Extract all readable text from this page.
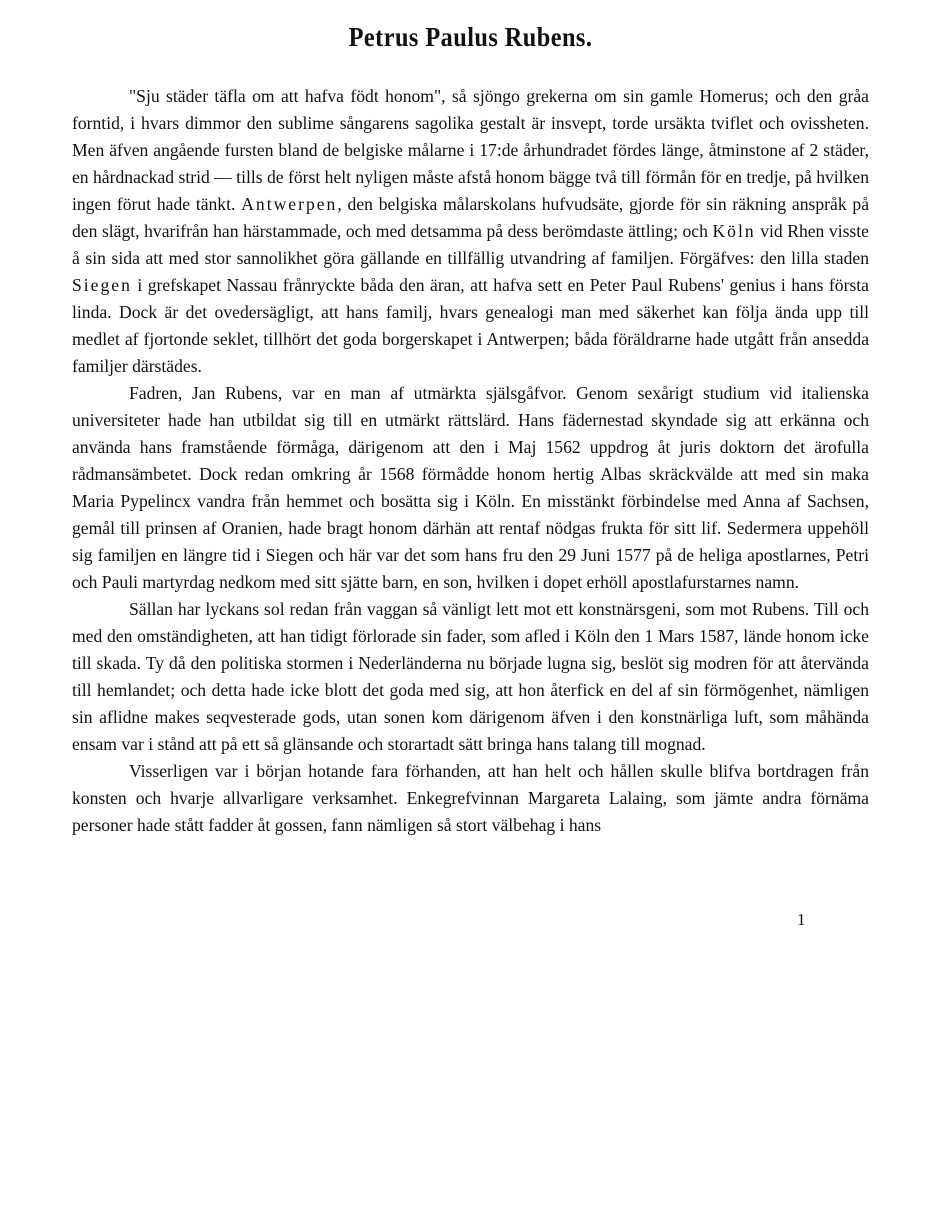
Petrus Paulus Rubens.

"Sju städer täfla om att hafva födt honom", så sjöngo grekerna om sin gamle Homerus; och den gråa forntid, i hvars dimmor den sublime sångarens sagolika gestalt är insvept, torde ursäkta tviflet och ovissheten. Men äfven angående fursten bland de belgiske målarne i 17:de århundradet fördes länge, åtminstone af 2 städer, en hårdnackad strid — tills de först helt nyligen måste afstå honom bägge två till förmån för en tredje, på hvilken ingen förut hade tänkt. Antwerpen, den belgiska målarskolans hufvudsäte, gjorde för sin räkning anspråk på den slägt, hvarifrån han härstammade, och med detsamma på dess berömdaste ättling; och Köln vid Rhen visste å sin sida att med stor sannolikhet göra gällande en tillfällig utvandring af familjen. Förgäfves: den lilla staden Siegen i grefskapet Nassau frånryckte båda den äran, att hafva sett en Peter Paul Rubens' genius i hans första linda. Dock är det ovedersägligt, att hans familj, hvars genealogi man med säkerhet kan följa ända upp till medlet af fjortonde seklet, tillhört det goda borgerskapet i Antwerpen; båda föräldrarne hade utgått från ansedda familjer därstädes.

Fadren, Jan Rubens, var en man af utmärkta själsgåfvor. Genom sexårigt studium vid italienska universiteter hade han utbildat sig till en utmärkt rättslärd. Hans fädernestad skyndade sig att erkänna och använda hans framstående förmåga, därigenom att den i Maj 1562 uppdrog åt juris doktorn det ärofulla rådmansämbetet. Dock redan omkring år 1568 förmådde honom hertig Albas skräckvälde att med sin maka Maria Pypelincx vandra från hemmet och bosätta sig i Köln. En misstänkt förbindelse med Anna af Sachsen, gemål till prinsen af Oranien, hade bragt honom därhän att rentaf nödgas frukta för sitt lif. Sedermera uppehöll sig familjen en längre tid i Siegen och här var det som hans fru den 29 Juni 1577 på de heliga apostlarnes, Petri och Pauli martyrdag nedkom med sitt sjätte barn, en son, hvilken i dopet erhöll apostlafurstarnes namn.

Sällan har lyckans sol redan från vaggan så vänligt lett mot ett konstnärsgeni, som mot Rubens. Till och med den omständigheten, att han tidigt förlorade sin fader, som afled i Köln den 1 Mars 1587, lände honom icke till skada. Ty då den politiska stormen i Nederländerna nu började lugna sig, beslöt sig modren för att återvända till hemlandet; och detta hade icke blott det goda med sig, att hon återfick en del af sin förmögenhet, nämligen sin aflidne makes seqvesterade gods, utan sonen kom därigenom äfven i den konstnärliga luft, som måhända ensam var i stånd att på ett så glänsande och storartadt sätt bringa hans talang till mognad.

Visserligen var i början hotande fara förhanden, att han helt och hållen skulle blifva bortdragen från konsten och hvarje allvarligare verksamhet. Enkegrefvinnan Margareta Lalaing, som jämte andra förnäma personer hade stått fadder åt gossen, fann nämligen så stort välbehag i hans

1
